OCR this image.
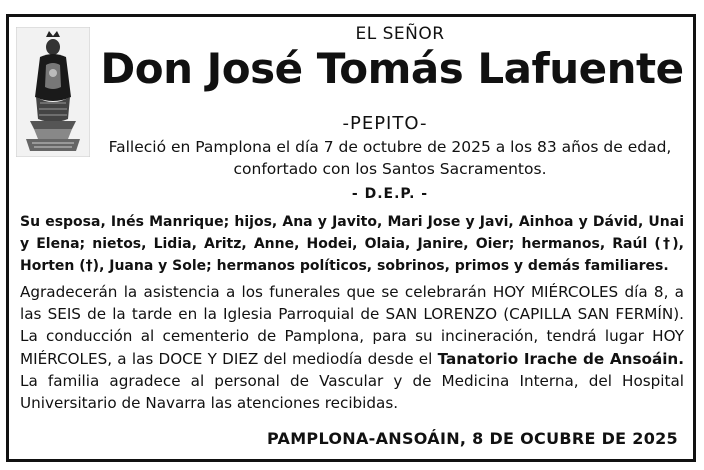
EL SEÑOR
Don José Tomás Lafuente
-PEPITO-
Falleció en Pamplona el día 7 de octubre de 2025 a los 83 años de edad,
confortado con los Santos Sacramentos.
- D.E.P. -
Su esposa, Inés Manrique; hijos, Ana y Javito, Mari Jose y Javi, Ainhoa y Dávid, Unai y Elena; nietos, Lidia, Aritz, Anne, Hodei, Olaia, Janire, Oier; hermanos, Raúl (†), Horten (†), Juana y Sole; hermanos políticos, sobrinos, primos y demás familiares.
Agradecerán la asistencia a los funerales que se celebrarán HOY MIÉRCOLES día 8, a las SEIS de la tarde en la Iglesia Parroquial de SAN LORENZO (CAPILLA SAN FERMÍN). La conducción al cementerio de Pamplona, para su incineración, tendrá lugar HOY MIÉRCOLES, a las DOCE Y DIEZ del mediodía desde el Tanatorio Irache de Ansoáin. La familia agradece al personal de Vascular y de Medicina Interna, del Hospital Universitario de Navarra las atenciones recibidas.
PAMPLONA-ANSOÁIN, 8 DE OCUBRE DE 2025
